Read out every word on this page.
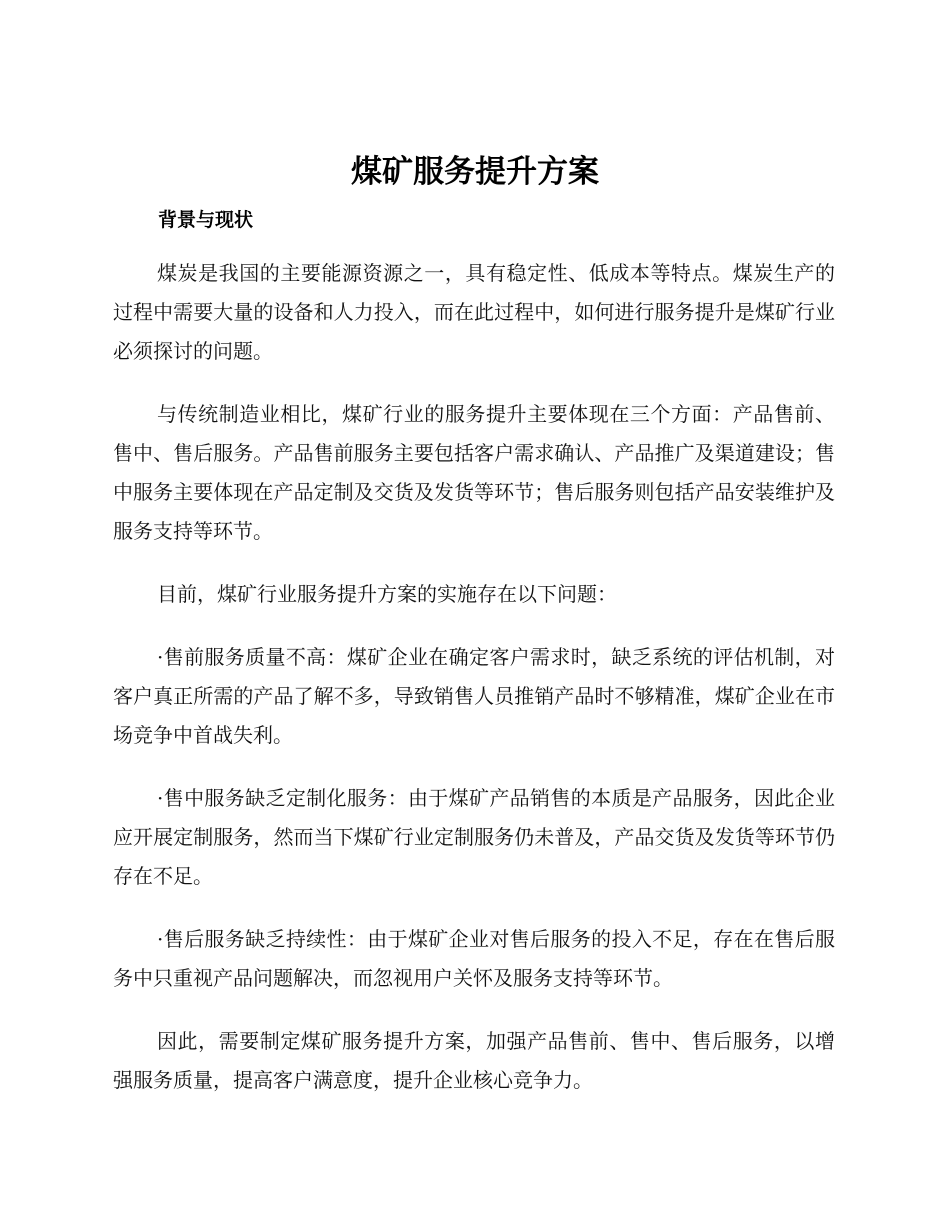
煤矿服务提升方案
背景与现状

煤炭是我国的主要能源资源之一，具有稳定性、低成本等特点。煤炭生产的过程中需要大量的设备和人力投入，而在此过程中，如何进行服务提升是煤矿行业必须探讨的问题。

与传统制造业相比，煤矿行业的服务提升主要体现在三个方面：产品售前、售中、售后服务。产品售前服务主要包括客户需求确认、产品推广及渠道建设；售中服务主要体现在产品定制及交货及发货等环节；售后服务则包括产品安装维护及服务支持等环节。

目前，煤矿行业服务提升方案的实施存在以下问题：

·售前服务质量不高：煤矿企业在确定客户需求时，缺乏系统的评估机制，对客户真正所需的产品了解不多，导致销售人员推销产品时不够精准，煤矿企业在市场竞争中首战失利。

·售中服务缺乏定制化服务：由于煤矿产品销售的本质是产品服务，因此企业应开展定制服务，然而当下煤矿行业定制服务仍未普及，产品交货及发货等环节仍存在不足。

·售后服务缺乏持续性：由于煤矿企业对售后服务的投入不足，存在在售后服务中只重视产品问题解决，而忽视用户关怀及服务支持等环节。

因此，需要制定煤矿服务提升方案，加强产品售前、售中、售后服务，以增强服务质量，提高客户满意度，提升企业核心竞争力。
